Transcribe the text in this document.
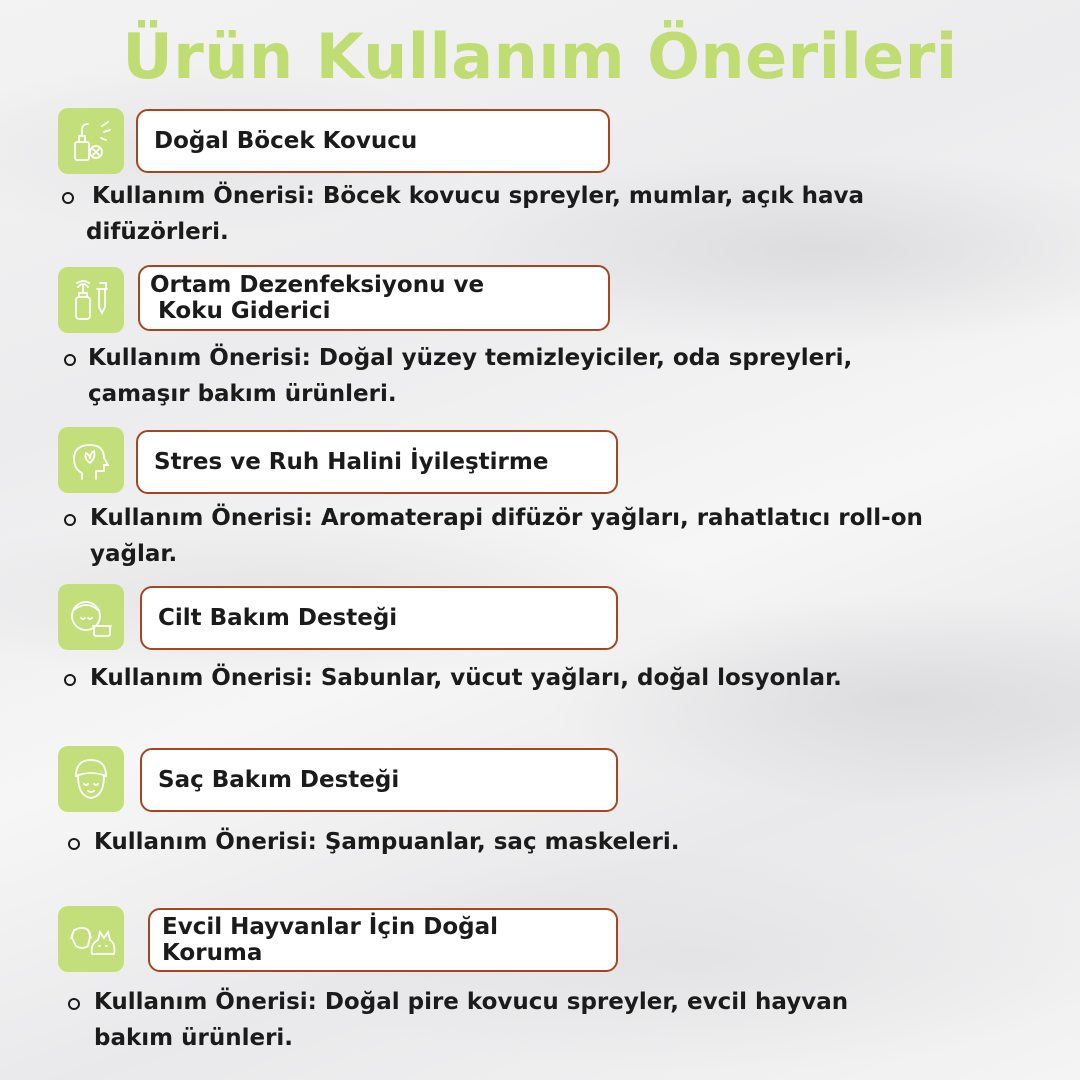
Ürün Kullanım Önerileri
Doğal Böcek Kovucu

Kullanım Önerisi: Böcek kovucu spreyler, mumlar, açık hava

difüzörleri.

Ortam Dezenfeksiyonu ve
Koku Giderici

Kullanım Önerisi: Doğal yüzey temizleyiciler, oda spreyleri,

çamaşır bakım ürünleri.

Stres ve Ruh Halini İyileştirme

Kullanım Önerisi: Aromaterapi difüzör yağları, rahatlatıcı roll-on

yağlar.

Cilt Bakım Desteği

Kullanım Önerisi: Sabunlar, vücut yağları, doğal losyonlar.

Saç Bakım Desteği

Kullanım Önerisi: Şampuanlar, saç maskeleri.

Evcil Hayvanlar İçin Doğal
Koruma

Kullanım Önerisi: Doğal pire kovucu spreyler, evcil hayvan

bakım ürünleri.
